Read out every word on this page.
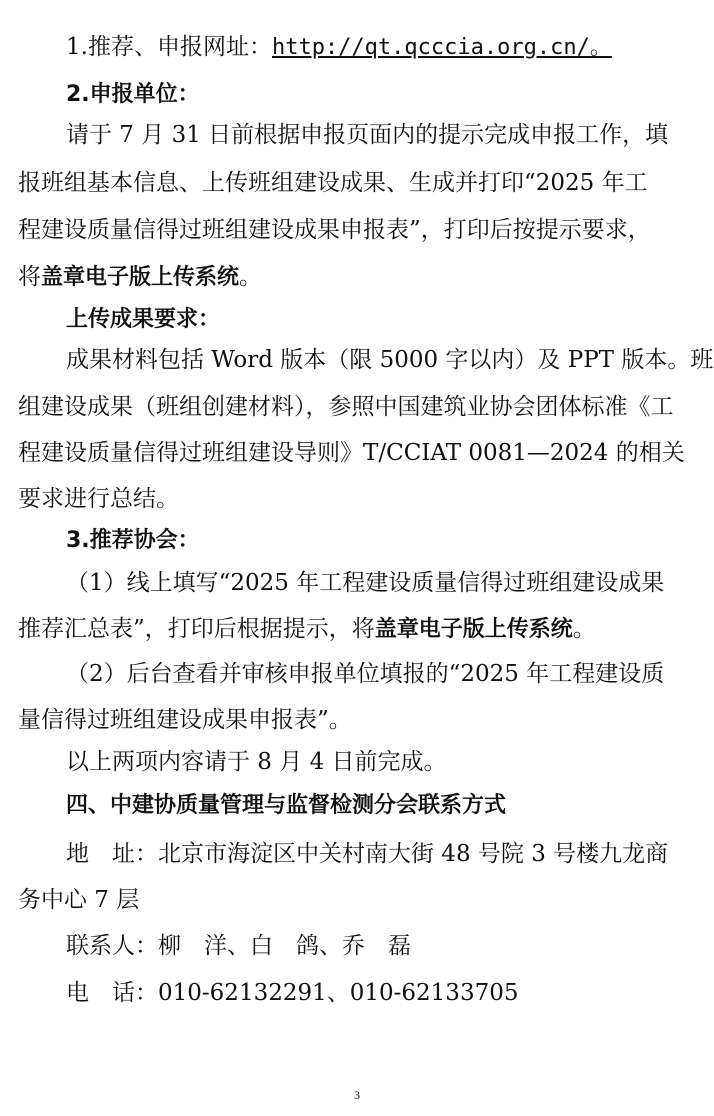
1.推荐、申报网址：http://qt.qcccia.org.cn/。
2.申报单位：
请于 7 月 31 日前根据申报页面内的提示完成申报工作，填
报班组基本信息、上传班组建设成果、生成并打印“2025 年工
程建设质量信得过班组建设成果申报表”，打印后按提示要求，
将盖章电子版上传系统。
上传成果要求：
成果材料包括 Word 版本（限 5000 字以内）及 PPT 版本。班
组建设成果（班组创建材料），参照中国建筑业协会团体标准《工
程建设质量信得过班组建设导则》T/CCIAT 0081—2024 的相关
要求进行总结。
3.推荐协会：
（1）线上填写“2025 年工程建设质量信得过班组建设成果
推荐汇总表”，打印后根据提示，将盖章电子版上传系统。
（2）后台查看并审核申报单位填报的“2025 年工程建设质
量信得过班组建设成果申报表”。
以上两项内容请于 8 月 4 日前完成。
四、中建协质量管理与监督检测分会联系方式
地　址：北京市海淀区中关村南大街 48 号院 3 号楼九龙商
务中心 7 层
联系人：柳　洋、白　鸽、乔　磊
电　话：010-62132291、010-62133705
3
